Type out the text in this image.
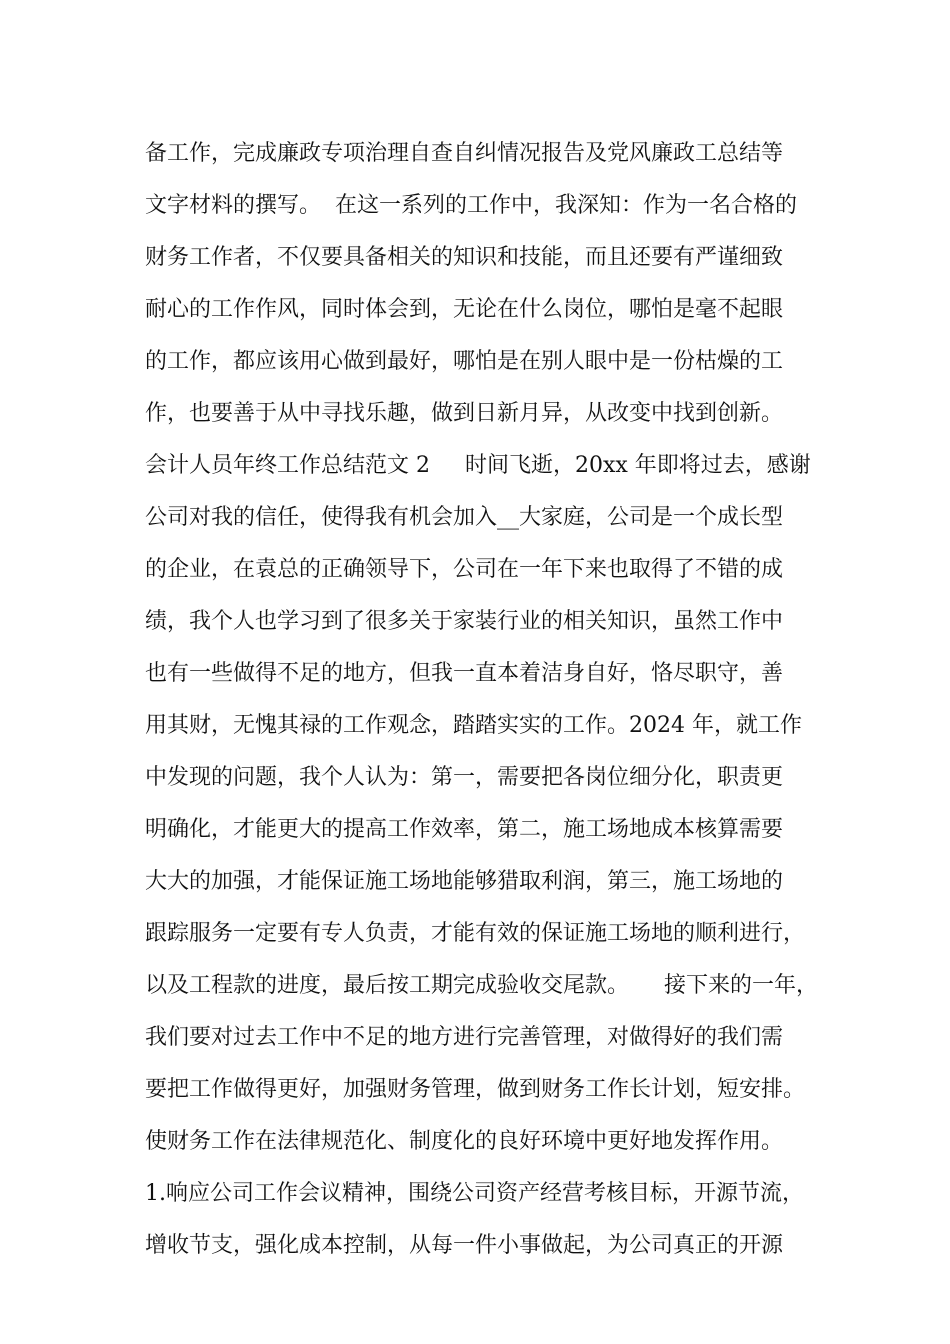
备工作，完成廉政专项治理自查自纠情况报告及党风廉政工总结等
文字材料的撰写。  在这一系列的工作中，我深知：作为一名合格的
财务工作者，不仅要具备相关的知识和技能，而且还要有严谨细致
耐心的工作作风，同时体会到，无论在什么岗位，哪怕是毫不起眼
的工作，都应该用心做到最好，哪怕是在别人眼中是一份枯燥的工
作，也要善于从中寻找乐趣，做到日新月异，从改变中找到创新。
会计人员年终工作总结范文 2     时间飞逝，20xx 年即将过去，感谢
公司对我的信任，使得我有机会加入__大家庭，公司是一个成长型
的企业，在袁总的正确领导下，公司在一年下来也取得了不错的成
绩，我个人也学习到了很多关于家装行业的相关知识，虽然工作中
也有一些做得不足的地方，但我一直本着洁身自好，恪尽职守，善
用其财，无愧其禄的工作观念，踏踏实实的工作。2024 年，就工作
中发现的问题，我个人认为：第一，需要把各岗位细分化，职责更
明确化，才能更大的提高工作效率，第二，施工场地成本核算需要
大大的加强，才能保证施工场地能够猎取利润，第三，施工场地的
跟踪服务一定要有专人负责，才能有效的保证施工场地的顺利进行，
以及工程款的进度，最后按工期完成验收交尾款。     接下来的一年，
我们要对过去工作中不足的地方进行完善管理，对做得好的我们需
要把工作做得更好，加强财务管理，做到财务工作长计划，短安排。
使财务工作在法律规范化、制度化的良好环境中更好地发挥作用。
1.响应公司工作会议精神，围绕公司资产经营考核目标，开源节流，
增收节支，强化成本控制，从每一件小事做起，为公司真正的开源
